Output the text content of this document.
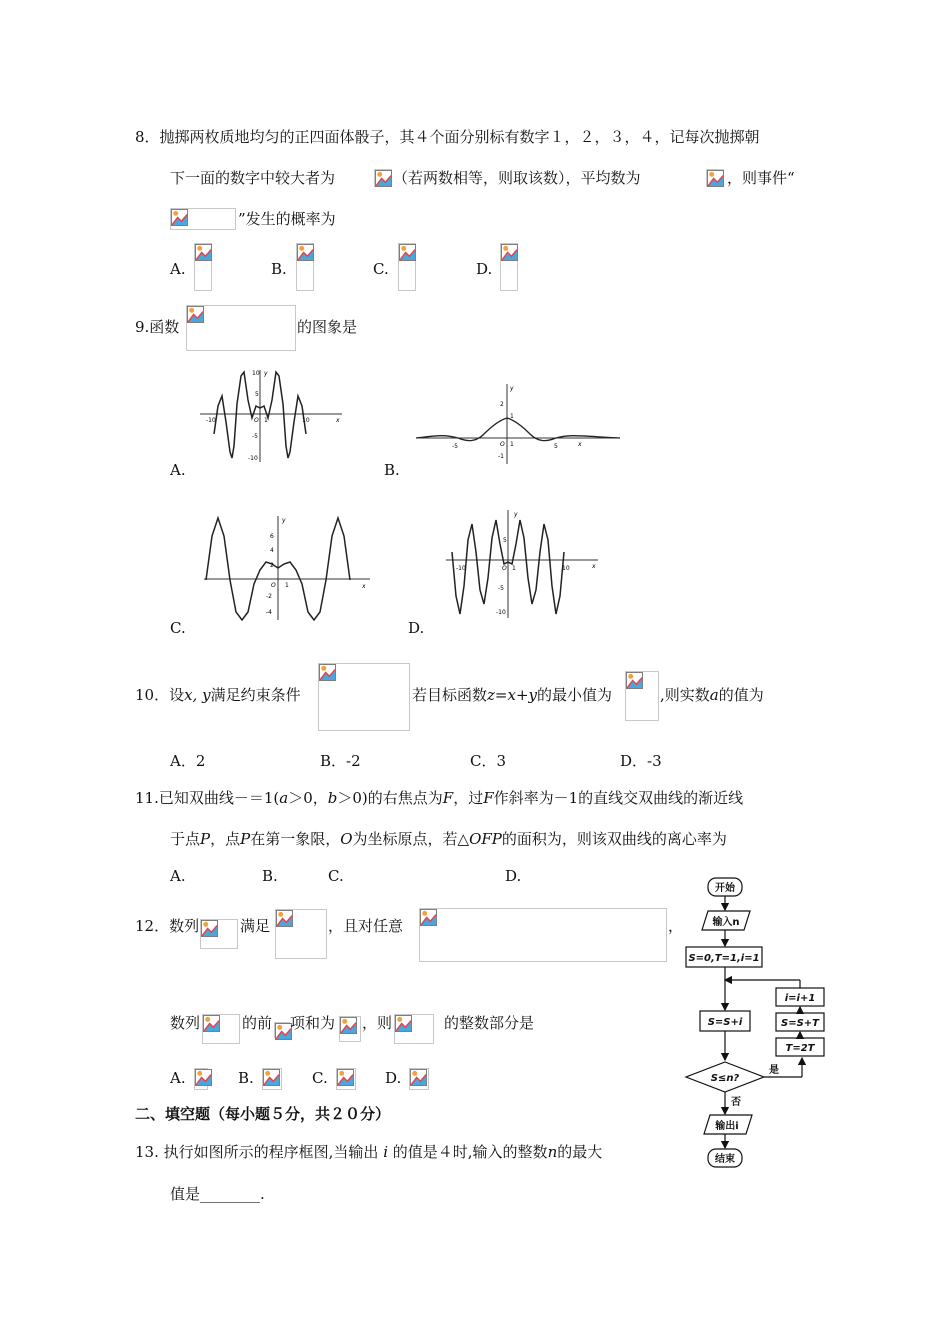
8．抛掷两枚质地均匀的正四面体骰子，其４个面分别标有数字１，２，３，４，记每次抛掷朝
下一面的数字中较大者为	（若两数相等，则取该数），平均数为	，则事件“
”发生的概率为
A.	B.	C.	D.
9.函数	的图象是
10 y
5
-10
-5
-10	O 1	10	x
A.
y
2
1
-1
-5	O 1	5	x
B.
y
6
4
2
-2
-4
O 1	x
C.
y
5
-5
-10
-10	O 1	10	x
D.
10．设x, y满足约束条件	若目标函数z=x+y的最小值为	,则实数a的值为
A．2	B．-2	C．3	D．-3
11.已知双曲线－＝1(a＞0，b＞0)的右焦点为F，过F作斜率为－1的直线交双曲线的渐近线
于点P，点P在第一象限，O为坐标原点，若△OFP的面积为，则该双曲线的离心率为
A.	B.	C.	D.
12．数列	满足	，且对任意	，
数列	的前 项和为 ，则	的整数部分是
A.	B.	C.	D.
二、填空题（每小题５分，共２０分）
13. 执行如图所示的程序框图,当输出 i 的值是４时,输入的整数n的最大
值是________.
开始
输入n
S=0,T=1,i=1
S=S+i
i=i+1
S=S+T
T=2T
S≤n?
是
否
输出i
结束
